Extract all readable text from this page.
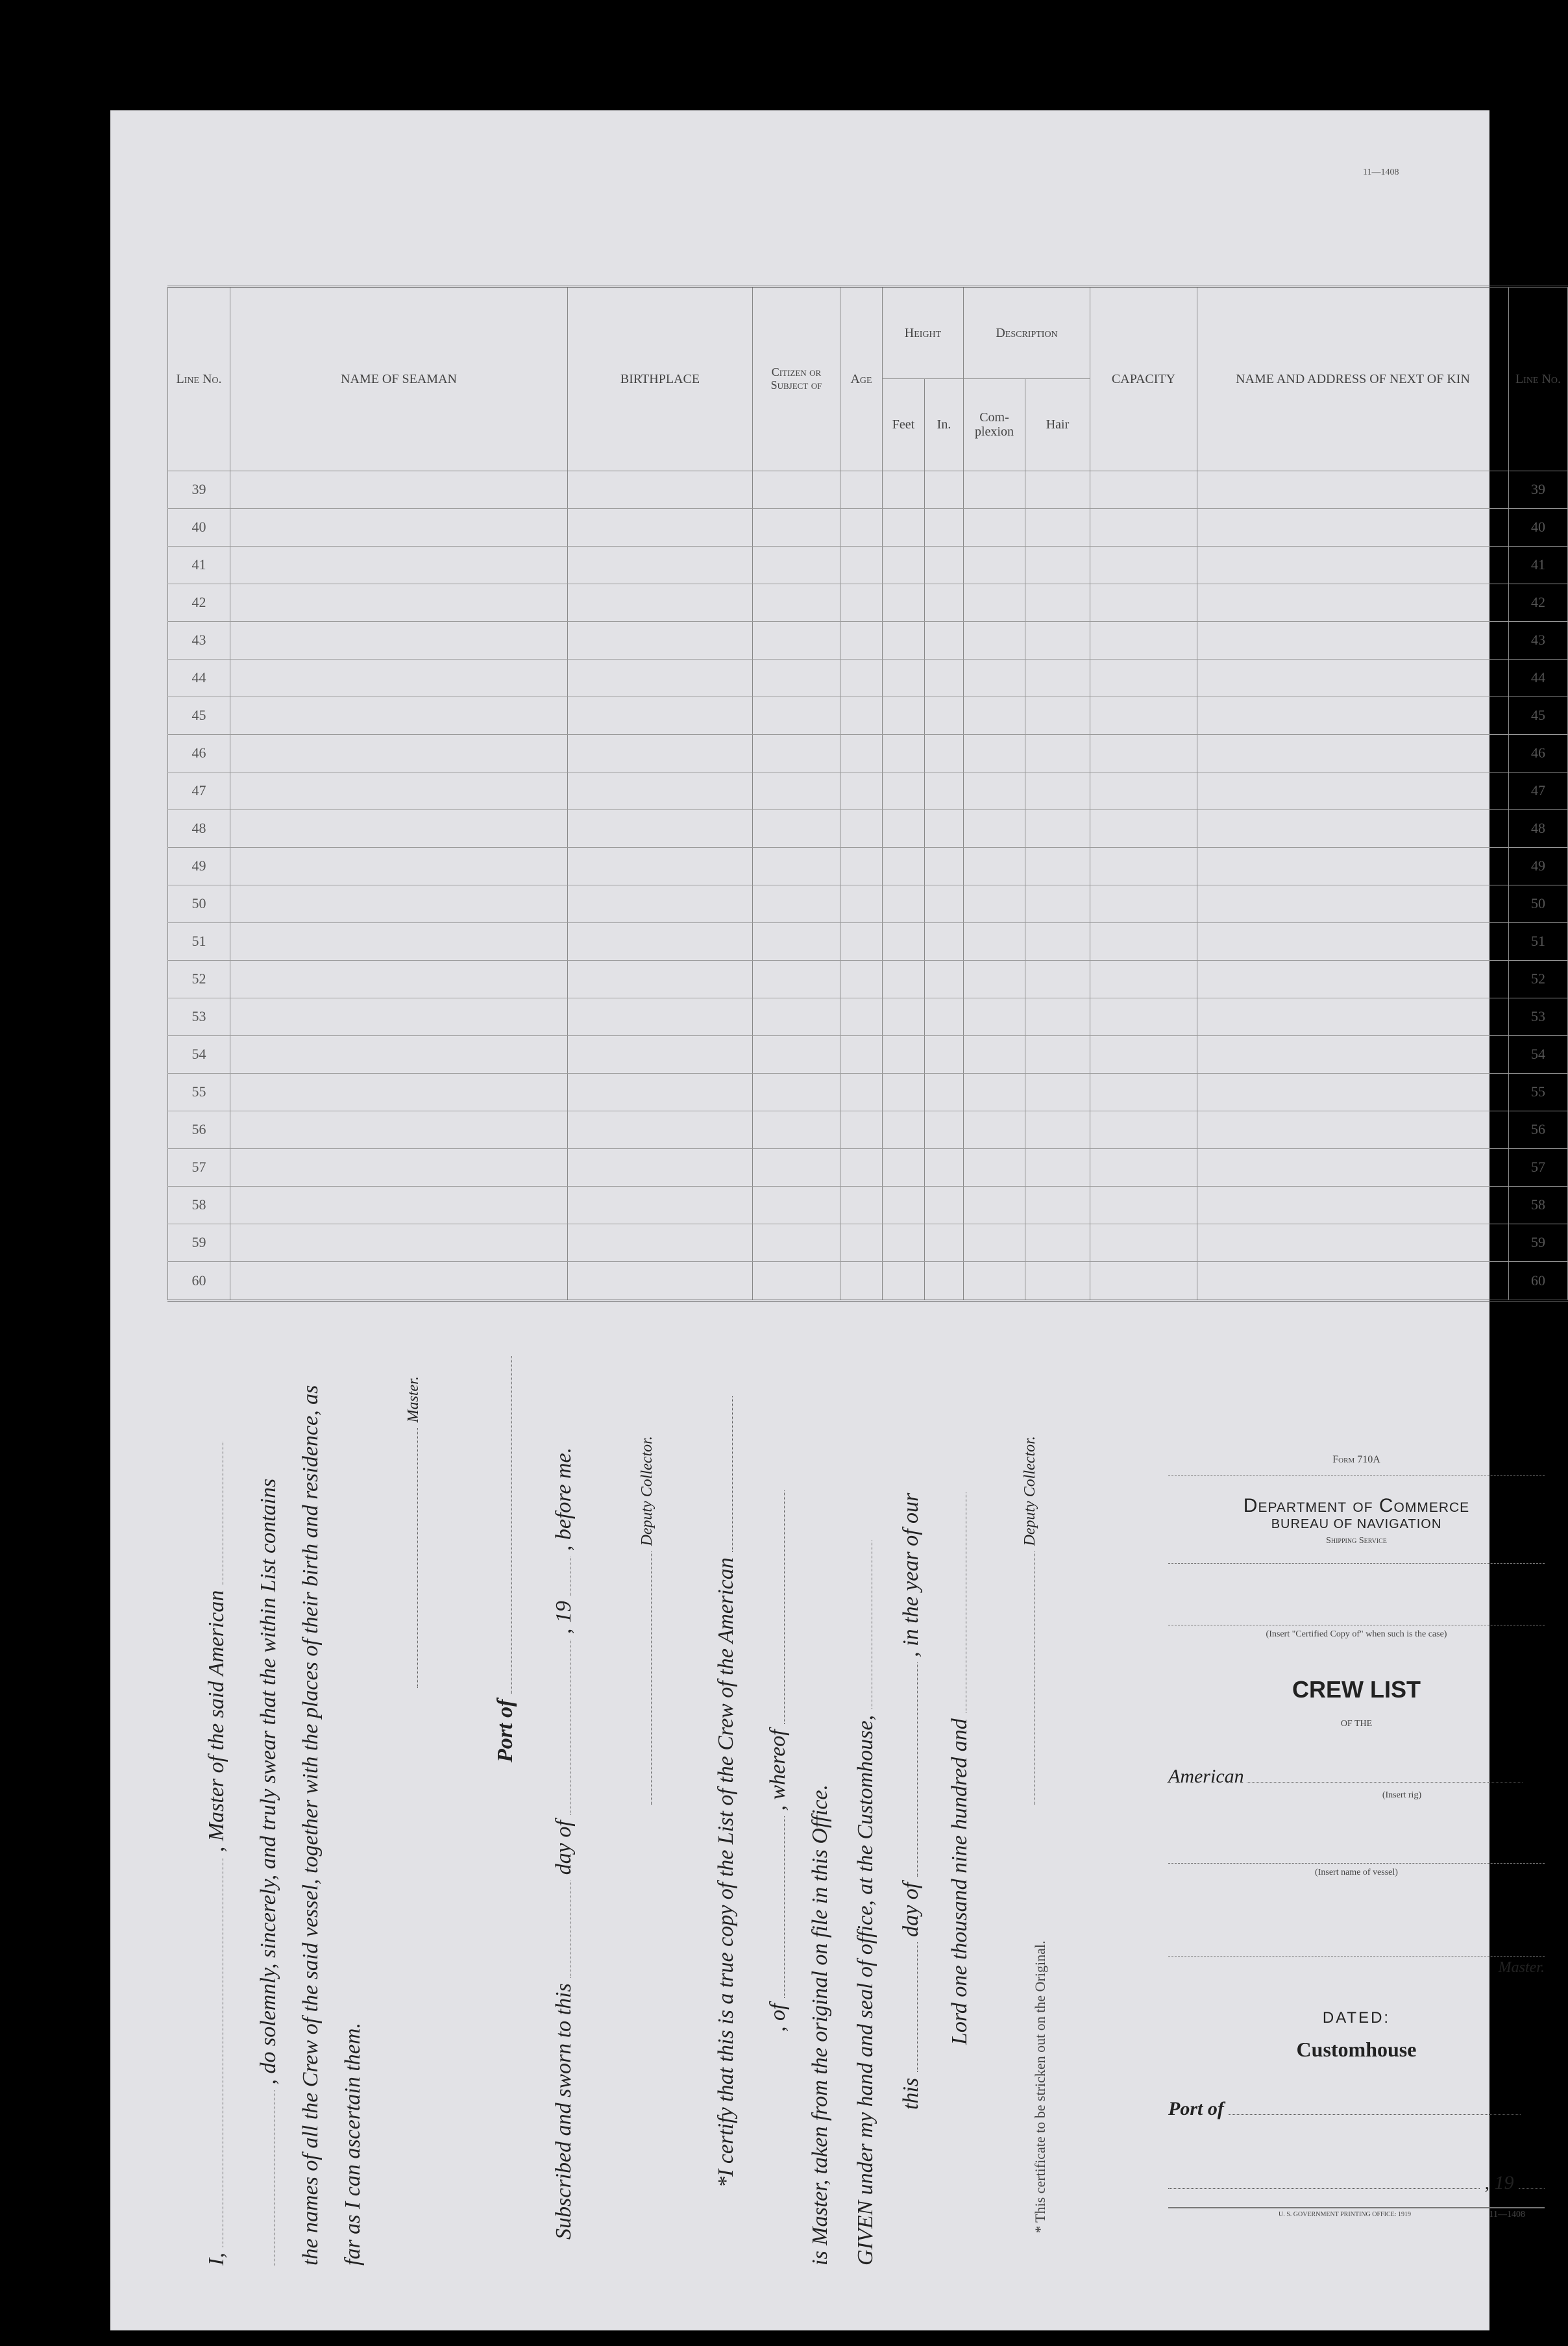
11—1408
Line No.	NAME OF SEAMAN	BIRTHPLACE	Citizen or Subject of	Age	Height		Description		CAPACITY	NAME AND ADDRESS OF NEXT OF KIN	Line No.
					Feet	In.	Com- plexion	Hair			
39											39
40											40
41											41
42											42
43											43
44											44
45											45
46											46
47											47
48											48
49											49
50											50
51											51
52											52
53											53
54											54
55											55
56											56
57											57
58											58
59											59
60											60
I,  , Master of the said American , do solemnly, sincerely, and truly swear that the within List contains the names of all the Crew of the said vessel, together with the places of their birth and residence, as far as I can ascertain them.
Master.
Port of
Subscribed and sworn to this  day of  , 19  , before me.	Deputy Collector.
*I certify that this is a true copy of the List of the Crew of the American , of  , whereof
is Master, taken from the original on file in this Office. GIVEN under my hand and seal of office, at the Customhouse, this  day of  , in the year of our
Lord one thousand nine hundred and
Deputy Collector.
* This certificate to be stricken out on the Original.
Form 710A
Department of Commerce
BUREAU OF NAVIGATION
Shipping Service
(Insert "Certified Copy of" when such is the case)
CREW LIST
OF THE
American
(Insert rig)
(Insert name of vessel)
Master.
DATED:
Customhouse
Port of
, 19
U. S. GOVERNMENT PRINTING OFFICE: 1919	11—1408
